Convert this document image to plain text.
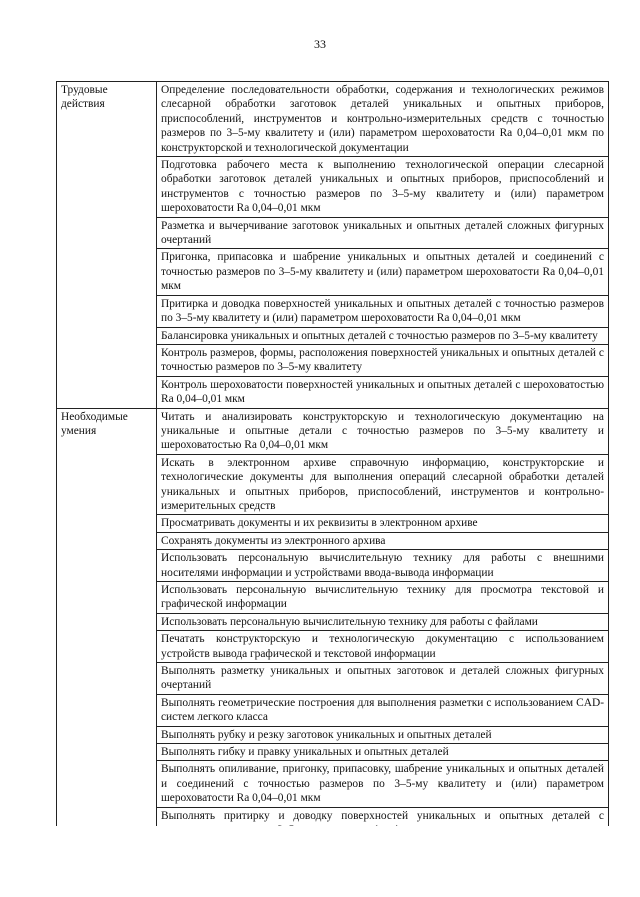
33
Трудовые действия	Определение последовательности обработки, содержания и технологических режимов слесарной обработки заготовок деталей уникальных и опытных приборов, приспособлений, инструментов и контрольно-измерительных средств с точностью размеров по 3–5-му квалитету и (или) параметром шероховатости Ra 0,04–0,01 мкм по конструкторской и технологической документации
	Подготовка рабочего места к выполнению технологической операции слесарной обработки заготовок деталей уникальных и опытных приборов, приспособлений и инструментов с точностью размеров по 3–5-му квалитету и (или) параметром шероховатости Ra 0,04–0,01 мкм
	Разметка и вычерчивание заготовок уникальных и опытных деталей сложных фигурных очертаний
	Пригонка, припасовка и шабрение уникальных и опытных деталей и соединений с точностью размеров по 3–5-му квалитету и (или) параметром шероховатости Ra 0,04–0,01 мкм
	Притирка и доводка поверхностей уникальных и опытных деталей с точностью размеров по 3–5-му квалитету и (или) параметром шероховатости Ra 0,04–0,01 мкм
	Балансировка уникальных и опытных деталей с точностью размеров по 3–5-му квалитету
	Контроль размеров, формы, расположения поверхностей уникальных и опытных деталей с точностью размеров по 3–5-му квалитету
	Контроль шероховатости поверхностей уникальных и опытных деталей с шероховатостью Ra 0,04–0,01 мкм
Необходимые умения	Читать и анализировать конструкторскую и технологическую документацию на уникальные и опытные детали с точностью размеров по 3–5-му квалитету и шероховатостью Ra 0,04–0,01 мкм
	Искать в электронном архиве справочную информацию, конструкторские и технологические документы для выполнения операций слесарной обработки деталей уникальных и опытных приборов, приспособлений, инструментов и контрольно-измерительных средств
	Просматривать документы и их реквизиты в электронном архиве
	Сохранять документы из электронного архива
	Использовать персональную вычислительную технику для работы с внешними носителями информации и устройствами ввода-вывода информации
	Использовать персональную вычислительную технику для просмотра текстовой и графической информации
	Использовать персональную вычислительную технику для работы с файлами
	Печатать конструкторскую и технологическую документацию с использованием устройств вывода графической и текстовой информации
	Выполнять разметку уникальных и опытных заготовок и деталей сложных фигурных очертаний
	Выполнять геометрические построения для выполнения разметки с использованием CAD-систем легкого класса
	Выполнять рубку и резку заготовок уникальных и опытных деталей
	Выполнять гибку и правку уникальных и опытных деталей
	Выполнять опиливание, пригонку, припасовку, шабрение уникальных и опытных деталей и соединений с точностью размеров по 3–5-му квалитету и (или) параметром шероховатости Ra 0,04–0,01 мкм
	Выполнять притирку и доводку поверхностей уникальных и опытных деталей с
